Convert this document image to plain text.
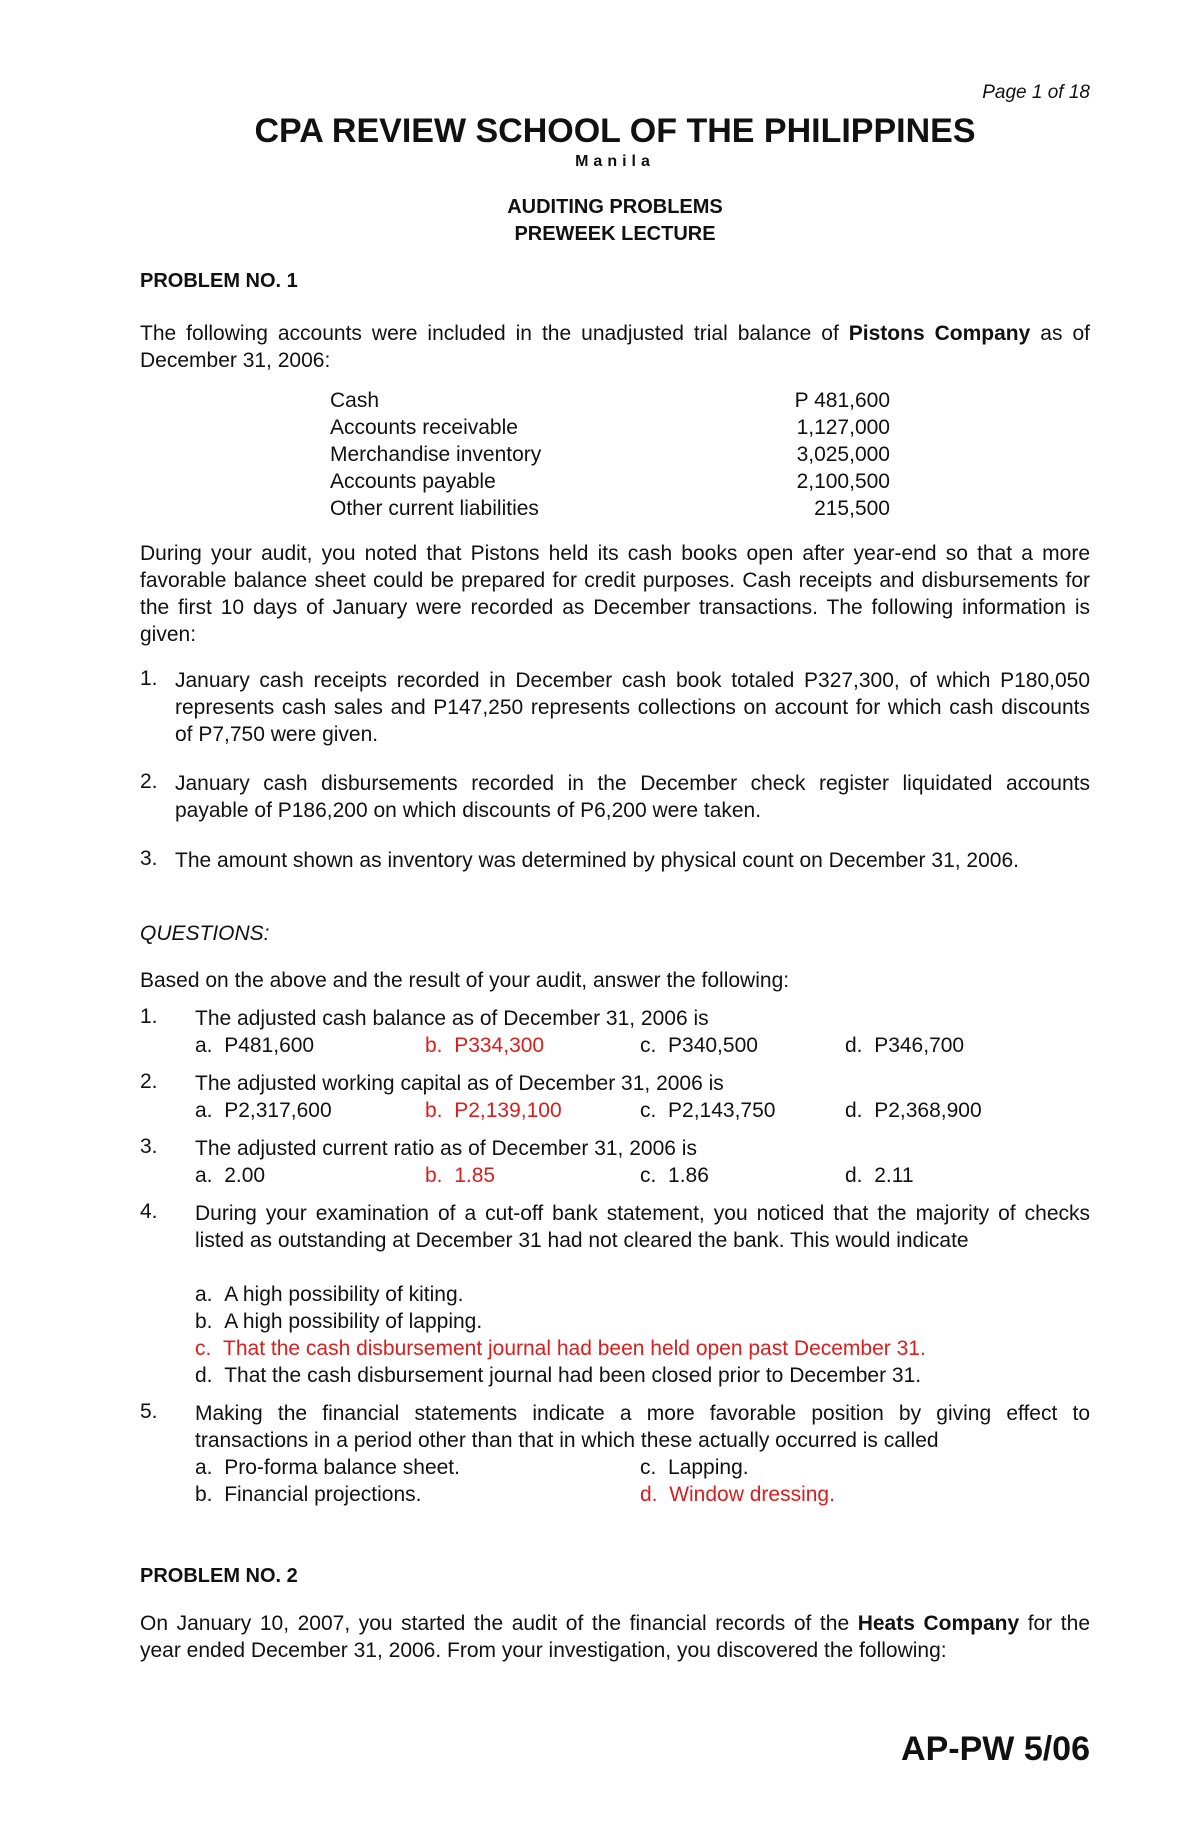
Page 1 of 18
CPA REVIEW SCHOOL OF THE PHILIPPINES
Manila
AUDITING PROBLEMS
PREWEEK LECTURE
PROBLEM NO. 1
The following accounts were included in the unadjusted trial balance of Pistons Company as of December 31, 2006:
Cash	P 481,600
Accounts receivable	1,127,000
Merchandise inventory	3,025,000
Accounts payable	2,100,500
Other current liabilities	215,500
During your audit, you noted that Pistons held its cash books open after year-end so that a more favorable balance sheet could be prepared for credit purposes. Cash receipts and disbursements for the first 10 days of January were recorded as December transactions. The following information is given:
1. January cash receipts recorded in December cash book totaled P327,300, of which P180,050 represents cash sales and P147,250 represents collections on account for which cash discounts of P7,750 were given.
2. January cash disbursements recorded in the December check register liquidated accounts payable of P186,200 on which discounts of P6,200 were taken.
3. The amount shown as inventory was determined by physical count on December 31, 2006.
QUESTIONS:
Based on the above and the result of your audit, answer the following:
1. The adjusted cash balance as of December 31, 2006 is
a. P481,600	b. P334,300	c. P340,500	d. P346,700
2. The adjusted working capital as of December 31, 2006 is
a. P2,317,600	b. P2,139,100	c. P2,143,750	d. P2,368,900
3. The adjusted current ratio as of December 31, 2006 is
a. 2.00	b. 1.85	c. 1.86	d. 2.11
4. During your examination of a cut-off bank statement, you noticed that the majority of checks listed as outstanding at December 31 had not cleared the bank. This would indicate
a. A high possibility of kiting.
b. A high possibility of lapping.
c. That the cash disbursement journal had been held open past December 31.
d. That the cash disbursement journal had been closed prior to December 31.
5. Making the financial statements indicate a more favorable position by giving effect to transactions in a period other than that in which these actually occurred is called
a. Pro-forma balance sheet.	c. Lapping.
b. Financial projections.	d. Window dressing.
PROBLEM NO. 2
On January 10, 2007, you started the audit of the financial records of the Heats Company for the year ended December 31, 2006. From your investigation, you discovered the following:
AP-PW 5/06
